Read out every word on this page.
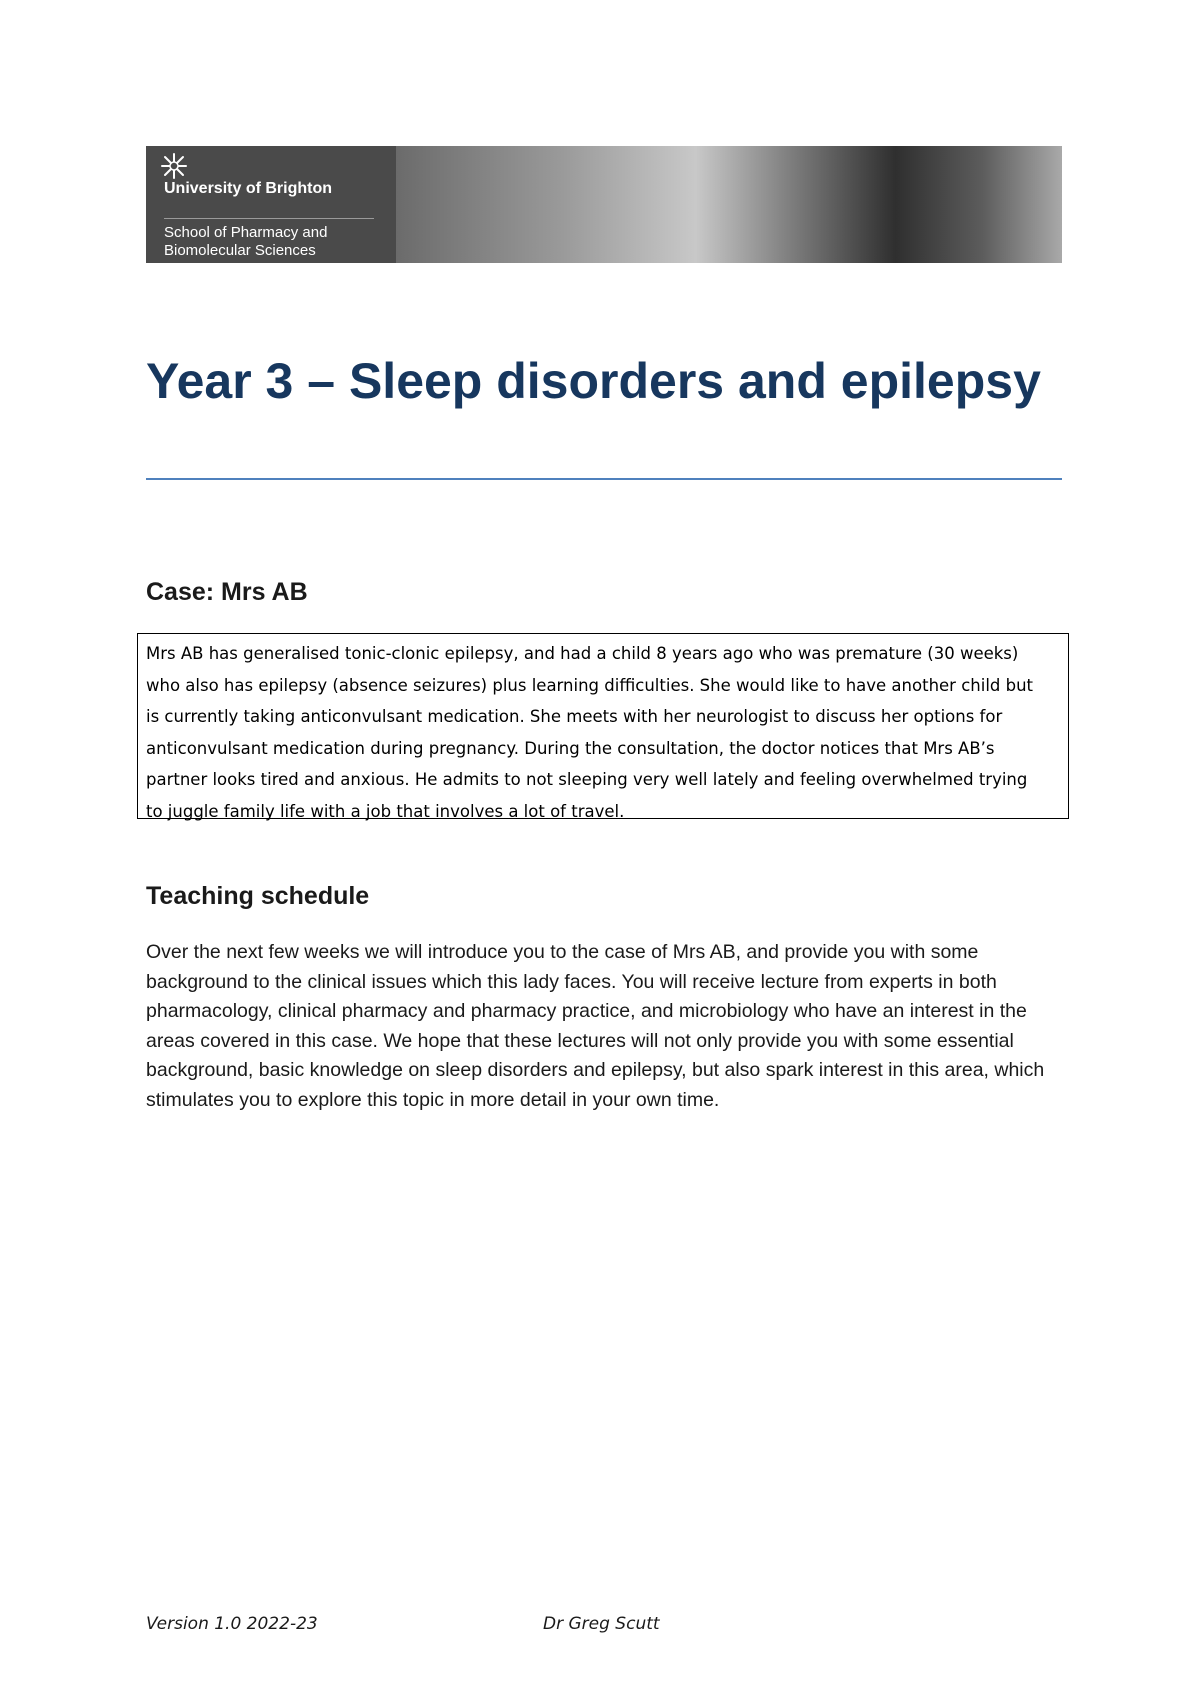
University of Brighton
School of Pharmacy and
Biomolecular Sciences
Year 3 – Sleep disorders and epilepsy
Case: Mrs AB

Mrs AB has generalised tonic-clonic epilepsy, and had a child 8 years ago who was premature (30 weeks) who also has epilepsy (absence seizures) plus learning difficulties. She would like to have another child but is currently taking anticonvulsant medication. She meets with her neurologist to discuss her options for anticonvulsant medication during pregnancy. During the consultation, the doctor notices that Mrs AB’s partner looks tired and anxious. He admits to not sleeping very well lately and feeling overwhelmed trying to juggle family life with a job that involves a lot of travel.

Teaching schedule

Over the next few weeks we will introduce you to the case of Mrs AB, and provide you with some background to the clinical issues which this lady faces. You will receive lecture from experts in both pharmacology, clinical pharmacy and pharmacy practice, and microbiology who have an interest in the areas covered in this case. We hope that these lectures will not only provide you with some essential background, basic knowledge on sleep disorders and epilepsy, but also spark interest in this area, which stimulates you to explore this topic in more detail in your own time.

Version 1.0 2022-23	Dr Greg Scutt
